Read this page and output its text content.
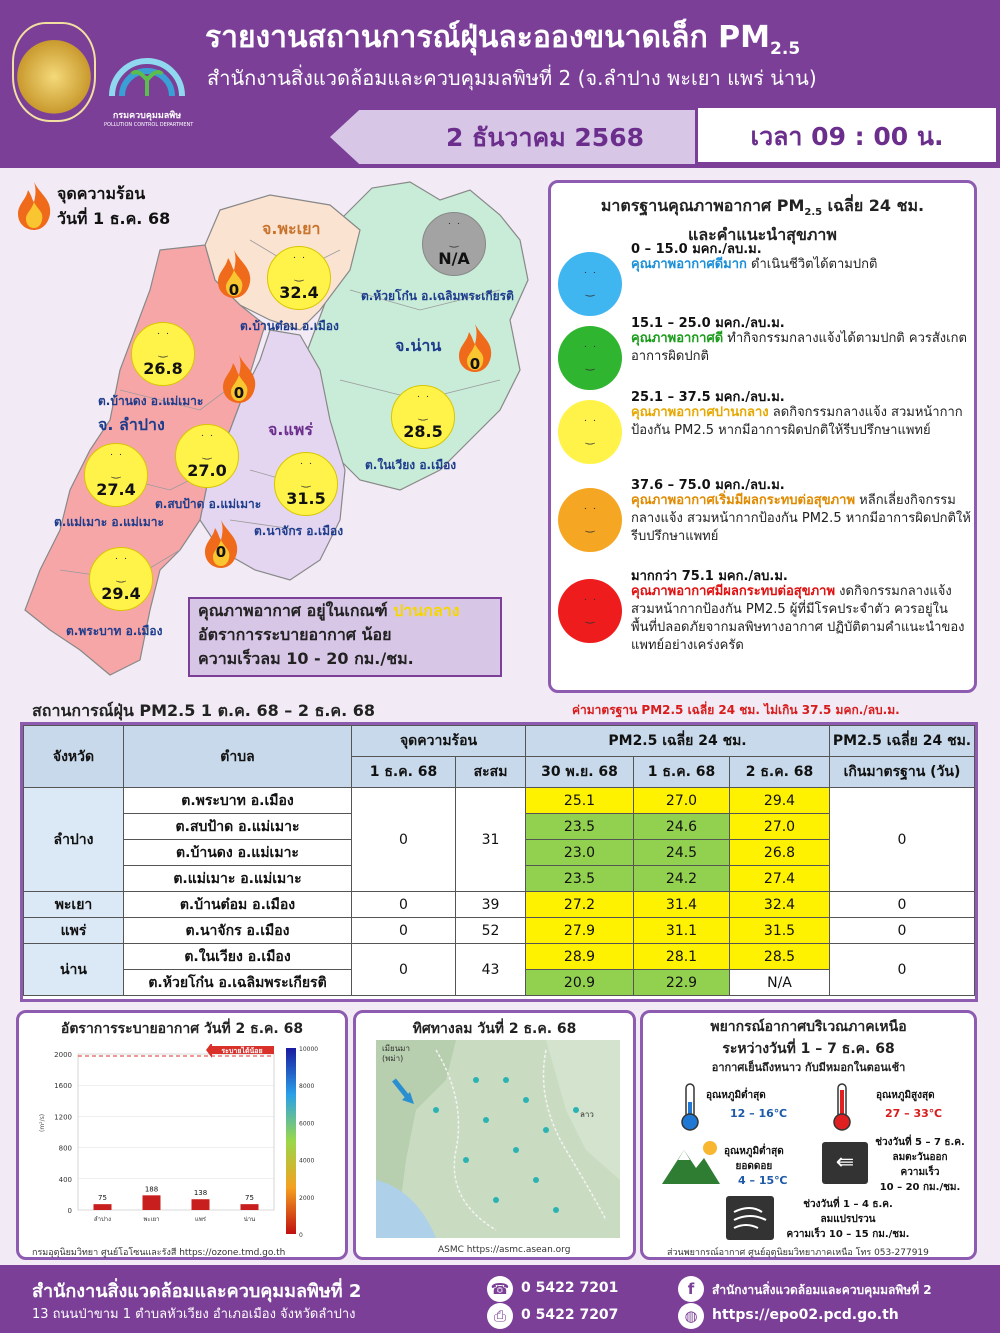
กรมควบคุมมลพิษ
POLLUTION CONTROL DEPARTMENT
รายงานสถานการณ์ฝุ่นละอองขนาดเล็ก $PM_{2.5}$
สำนักงานสิ่งแวดล้อมและควบคุมมลพิษที่ 2 (จ.ลำปาง พะเยา แพร่ น่าน)
2 ธันวาคม 2568	เวลา 09 : 00 น.
จุดความร้อน
วันที่ 1 ธ.ค. 68
จ.พะเยา
จ.น่าน
จ. ลำปาง	จ.แพร่
˙ ˙
‿
32.4
ต.บ้านต๋อม อ.เมือง
˙ ˙
‿
N/A
ต.ห้วยโก๋น อ.เฉลิมพระเกียรติ
˙ ˙
‿
26.8
ต.บ้านดง อ.แม่เมาะ	˙ ˙
‿
28.5
ต.ในเวียง อ.เมือง
˙ ˙
‿
27.0
ต.สบป้าด อ.แม่เมาะ
˙ ˙
‿
27.4
ต.แม่เมาะ อ.แม่เมาะ
˙ ˙
‿
31.5
ต.นาจักร อ.เมือง
˙ ˙
‿
29.4
ต.พระบาท อ.เมือง
0
0
0
0
คุณภาพอากาศ อยู่ในเกณฑ์ ปานกลาง
อัตราการระบายอากาศ น้อย
ความเร็วลม 10 - 20 กม./ชม.
มาตรฐานคุณภาพอากาศ $PM_{2.5}$ เฉลี่ย 24 ชม.
และคำแนะนำสุขภาพ
˙ ˙
‿
0 – 15.0 มคก./ลบ.ม.
คุณภาพอากาศดีมาก ดำเนินชีวิตได้ตามปกติ
˙ ˙
‿
15.1 – 25.0 มคก./ลบ.ม.
คุณภาพอากาศดี ทำกิจกรรมกลางแจ้งได้ตามปกติ ควรสังเกตอาการผิดปกติ
˙ ˙
‿
25.1 – 37.5 มคก./ลบ.ม.
คุณภาพอากาศปานกลาง ลดกิจกรรมกลางแจ้ง สวมหน้ากากป้องกัน PM2.5 หากมีอาการผิดปกติให้รีบปรึกษาแพทย์
˙ ˙
‿
37.6 – 75.0 มคก./ลบ.ม.
คุณภาพอากาศเริ่มมีผลกระทบต่อสุขภาพ หลีกเลี่ยงกิจกรรมกลางแจ้ง สวมหน้ากากป้องกัน PM2.5 หากมีอาการผิดปกติให้รีบปรึกษาแพทย์
˙ ˙
‿
มากกว่า 75.1 มคก./ลบ.ม.
คุณภาพอากาศมีผลกระทบต่อสุขภาพ งดกิจกรรมกลางแจ้ง สวมหน้ากากป้องกัน PM2.5 ผู้ที่มีโรคประจำตัว ควรอยู่ในพื้นที่ปลอดภัยจากมลพิษทางอากาศ ปฏิบัติตามคำแนะนำของแพทย์อย่างเคร่งครัด
สถานการณ์ฝุ่น PM2.5 1 ต.ค. 68 – 2 ธ.ค. 68	ค่ามาตรฐาน PM2.5 เฉลี่ย 24 ชม. ไม่เกิน 37.5 มคก./ลบ.ม.
จังหวัด	ตำบล	จุดความร้อน		PM2.5 เฉลี่ย 24 ชม.			PM2.5 เฉลี่ย 24 ชม.
		1 ธ.ค. 68	สะสม	30 พ.ย. 68	1 ธ.ค. 68	2 ธ.ค. 68	เกินมาตรฐาน (วัน)
ลำปาง	ต.พระบาท อ.เมือง	0	31	25.1	27.0	29.4	0
	ต.สบป้าด อ.แม่เมาะ			23.5	24.6	27.0	
	ต.บ้านดง อ.แม่เมาะ			23.0	24.5	26.8	
	ต.แม่เมาะ อ.แม่เมาะ			23.5	24.2	27.4	
พะเยา	ต.บ้านต๋อม อ.เมือง	0	39	27.2	31.4	32.4	0
แพร่	ต.นาจักร อ.เมือง	0	52	27.9	31.1	31.5	0
น่าน	ต.ในเวียง อ.เมือง	0	43	28.9	28.1	28.5	0
	ต.ห้วยโก๋น อ.เฉลิมพระเกียรติ			20.9	22.9	N/A	
อัตราการระบายอากาศ วันที่ 2 ธ.ค. 68
0
400
800
1200
1600
2000
(m²/s)
ระบายได้น้อย
75
ลำปาง
188
พะเยา
138
แพร่
75
น่าน
10000
8000
6000
4000
2000
0
กรมอุตุนิยมวิทยา ศูนย์โอโซนและรังสี https://ozone.tmd.go.th
ทิศทางลม วันที่ 2 ธ.ค. 68
เมียนมา
(พม่า)
ลาว
ASMC https://asmc.asean.org
พยากรณ์อากาศบริเวณภาคเหนือ
ระหว่างวันที่ 1 – 7 ธ.ค. 68
อากาศเย็นถึงหนาว กับมีหมอกในตอนเช้า
อุณหภูมิต่ำสุด
12 – 16℃
อุณหภูมิสูงสุด
27 – 33℃
อุณหภูมิต่ำสุด
ยอดดอย
4 – 15℃
⇚
ช่วงวันที่ 5 – 7 ธ.ค.
ลมตะวันออก
ความเร็ว
10 – 20 กม./ชม.
ช่วงวันที่ 1 – 4 ธ.ค.
ลมแปรปรวน
ความเร็ว 10 – 15 กม./ชม.
ส่วนพยากรณ์อากาศ ศูนย์อุตุนิยมวิทยาภาคเหนือ โทร 053-277919
สำนักงานสิ่งแวดล้อมและควบคุมมลพิษที่ 2
13 ถนนป่าขาม 1 ตำบลหัวเวียง อำเภอเมือง จังหวัดลำปาง
☎ 0 5422 7201
⎙	0 5422 7207
f	สำนักงานสิ่งแวดล้อมและควบคุมมลพิษที่ 2
◍	https://epo02.pcd.go.th
